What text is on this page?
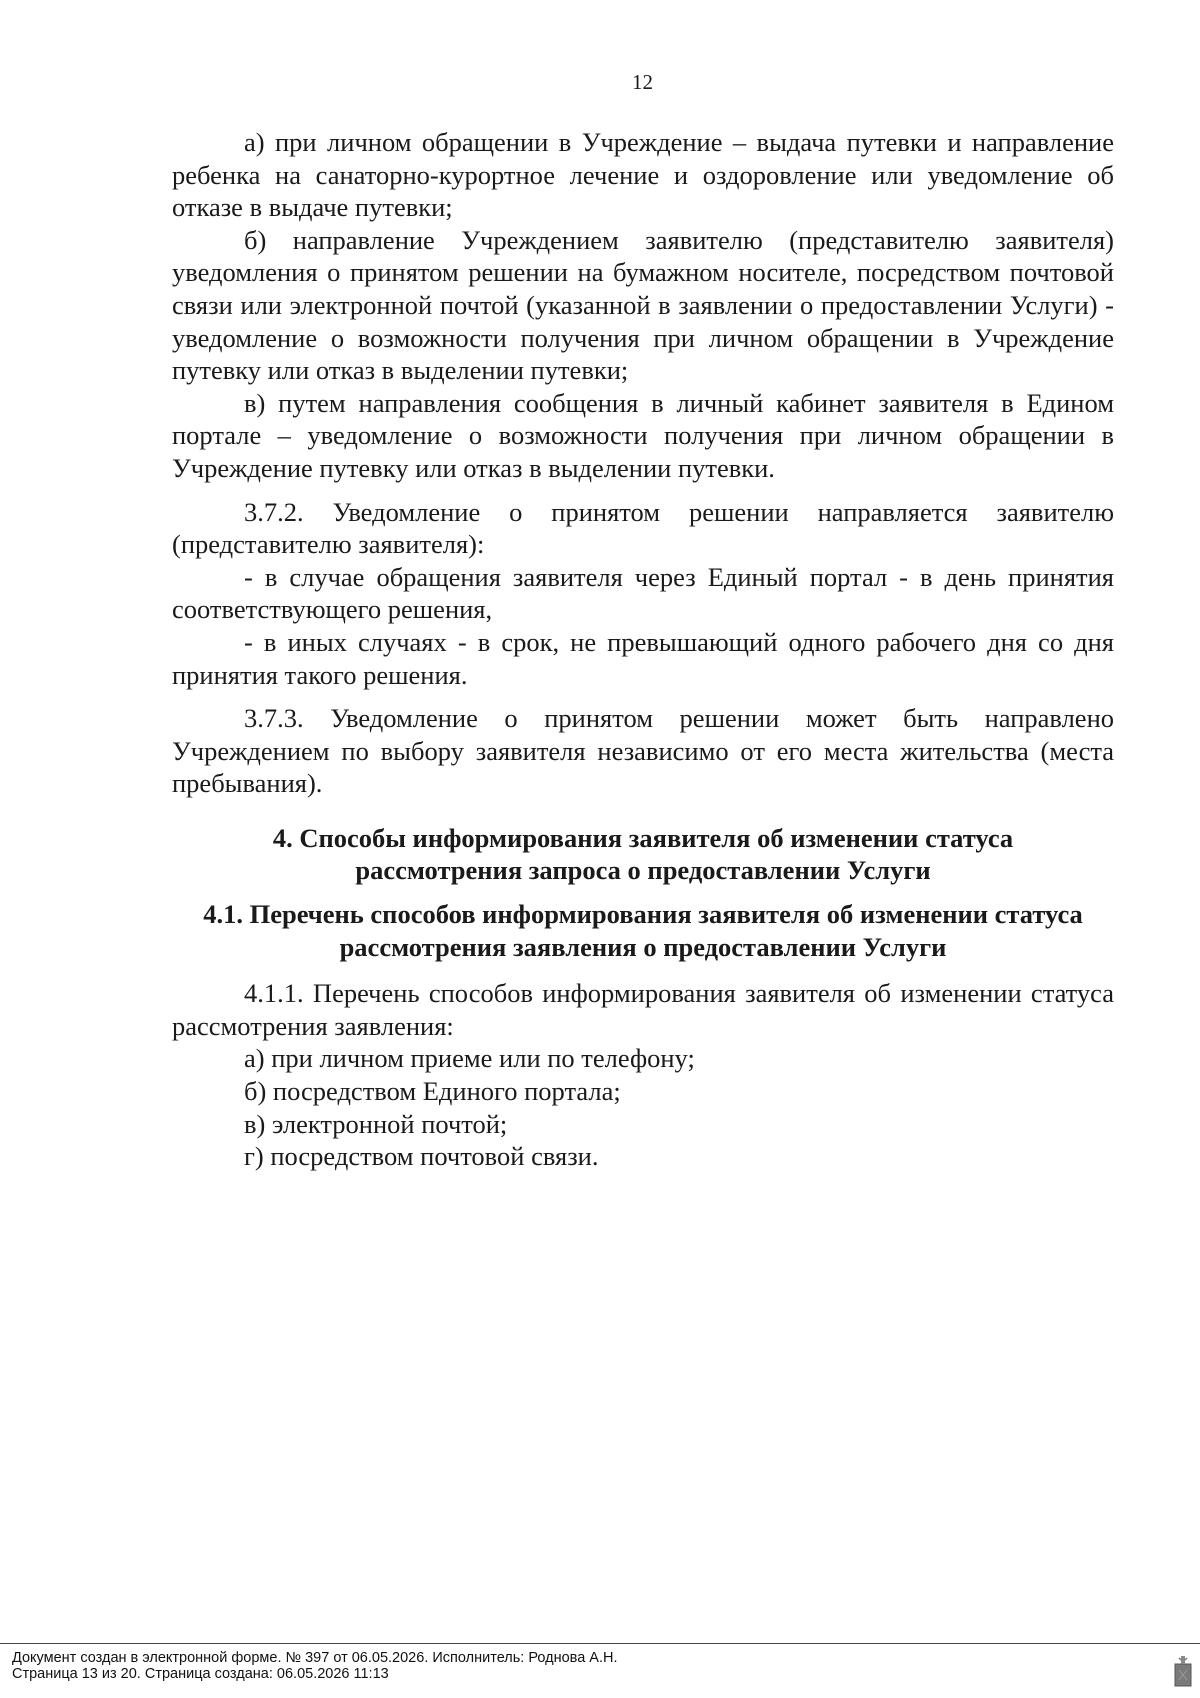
12

а) при личном обращении в Учреждение – выдача путевки и направление ребенка на санаторно-курортное лечение и оздоровление или уведомление об отказе в выдаче путевки;

б) направление Учреждением заявителю (представителю заявителя) уведомления о принятом решении на бумажном носителе, посредством почтовой связи или электронной почтой (указанной в заявлении о предоставлении Услуги) - уведомление о возможности получения при личном обращении в Учреждение путевку или отказ в выделении путевки;

в) путем направления сообщения в личный кабинет заявителя в Едином портале – уведомление о возможности получения при личном обращении в Учреждение путевку или отказ в выделении путевки.

3.7.2. Уведомление о принятом решении направляется заявителю (представителю заявителя):

- в случае обращения заявителя через Единый портал - в день принятия соответствующего решения,

- в иных случаях - в срок, не превышающий одного рабочего дня со дня принятия такого решения.

3.7.3. Уведомление о принятом решении может быть направлено Учреждением по выбору заявителя независимо от его места жительства (места пребывания).

4. Способы информирования заявителя об изменении статуса рассмотрения запроса о предоставлении Услуги
4.1. Перечень способов информирования заявителя об изменении статуса рассмотрения заявления о предоставлении Услуги

4.1.1. Перечень способов информирования заявителя об изменении статуса рассмотрения заявления:

а) при личном приеме или по телефону;

б) посредством Единого портала;

в) электронной почтой;

г) посредством почтовой связи.

Документ создан в электронной форме. № 397 от 06.05.2026. Исполнитель: Роднова А.Н.
Страница 13 из 20. Страница создана: 06.05.2026 11:13
